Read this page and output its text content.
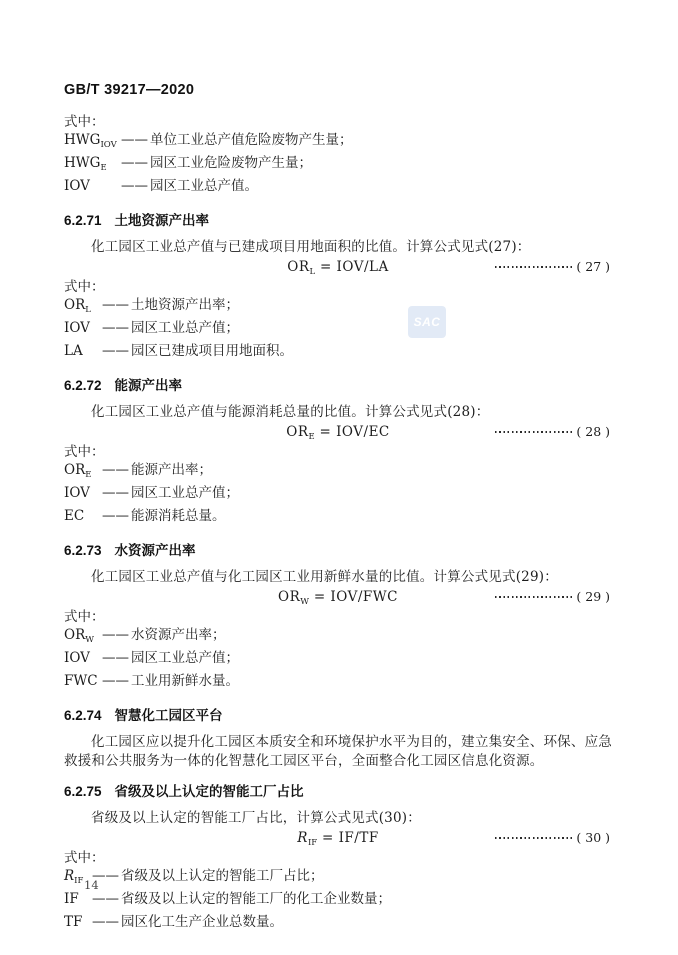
GB/T 39217—2020
式中：
$HWG_{IOV}$ —— 单位工业总产值危险废物产生量；
$HWG_E$	—— 园区工业危险废物产生量；
IOV	—— 园区工业总产值。
6.2.71 土地资源产出率

化工园区工业总产值与已建成项目用地面积的比值。计算公式见式(27)：

$OR_L = IOV/LA$	( 27 )
式中：
$OR_L$ —— 土地资源产出率；
IOV —— 园区工业总产值；
LA	—— 园区已建成项目用地面积。
6.2.72 能源产出率

化工园区工业总产值与能源消耗总量的比值。计算公式见式(28)：

$OR_E = IOV/EC$	( 28 )
式中：
$OR_E$ —— 能源产出率；
IOV —— 园区工业总产值；
EC	—— 能源消耗总量。
6.2.73 水资源产出率

化工园区工业总产值与化工园区工业用新鲜水量的比值。计算公式见式(29)：

$OR_W = IOV/FWC$	( 29 )
式中：
$OR_W$ —— 水资源产出率；
IOV —— 园区工业总产值；
FWC —— 工业用新鲜水量。
6.2.74 智慧化工园区平台

化工园区应以提升化工园区本质安全和环境保护水平为目的，建立集安全、环保、应急救援和公共服务为一体的化智慧化工园区平台，全面整合化工园区信息化资源。

6.2.75 省级及以上认定的智能工厂占比

省级及以上认定的智能工厂占比，计算公式见式(30)：

$R_{IF} = IF/TF$	( 30 )
式中：
$R_{IF}$ —— 省级及以上认定的智能工厂占比；
IF —— 省级及以上认定的智能工厂的化工企业数量；
TF —— 园区化工生产企业总数量。
SAC
14
